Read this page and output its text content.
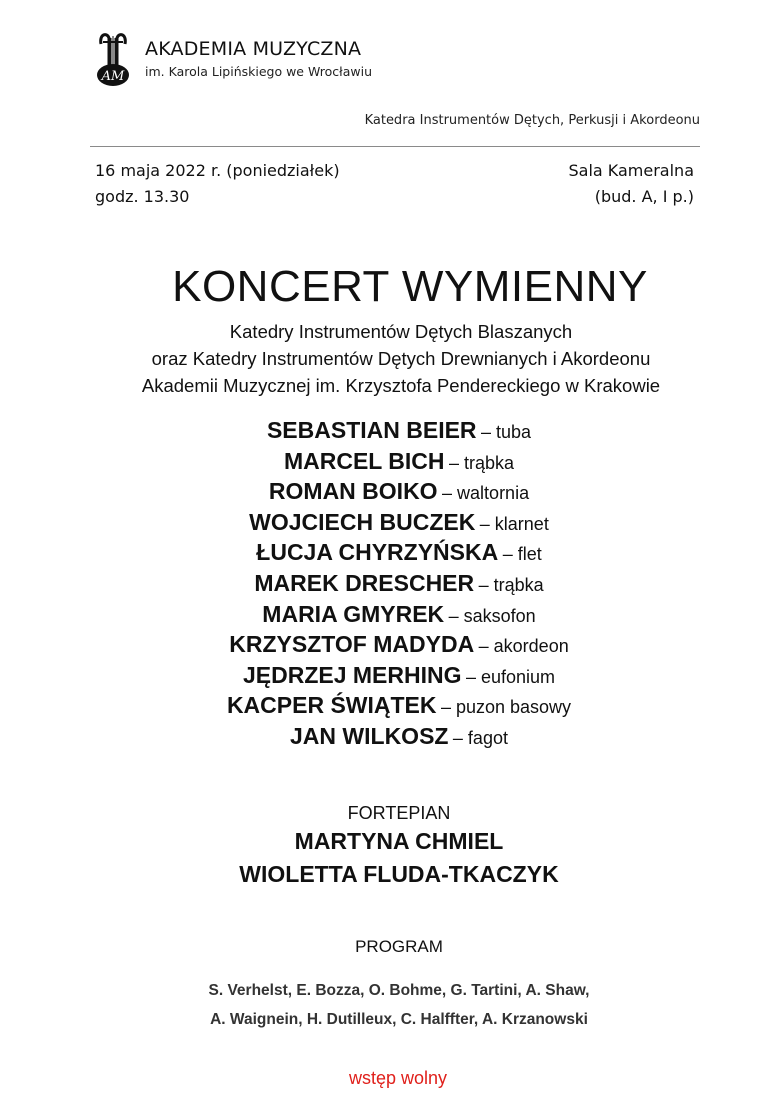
AM
AKADEMIA MUZYCZNA
im. Karola Lipińskiego we Wrocławiu
Katedra Instrumentów Dętych, Perkusji i Akordeonu
16 maja 2022 r. (poniedziałek)
godz. 13.30
Sala Kameralna
(bud. A, I p.)
KONCERT WYMIENNY
Katedry Instrumentów Dętych Blaszanych
oraz Katedry Instrumentów Dętych Drewnianych i Akordeonu
Akademii Muzycznej im. Krzysztofa Pendereckiego w Krakowie
SEBASTIAN BEIER – tuba
MARCEL BICH – trąbka
ROMAN BOIKO – waltornia
WOJCIECH BUCZEK – klarnet
ŁUCJA CHYRZYŃSKA – flet
MAREK DRESCHER – trąbka
MARIA GMYREK – saksofon
KRZYSZTOF MADYDA – akordeon
JĘDRZEJ MERHING – eufonium
KACPER ŚWIĄTEK – puzon basowy
JAN WILKOSZ – fagot
FORTEPIAN
MARTYNA CHMIEL
WIOLETTA FLUDA-TKACZYK
PROGRAM
S. Verhelst, E. Bozza, O. Bohme, G. Tartini, A. Shaw,
A. Waignein, H. Dutilleux, C. Halffter, A. Krzanowski
wstęp wolny
